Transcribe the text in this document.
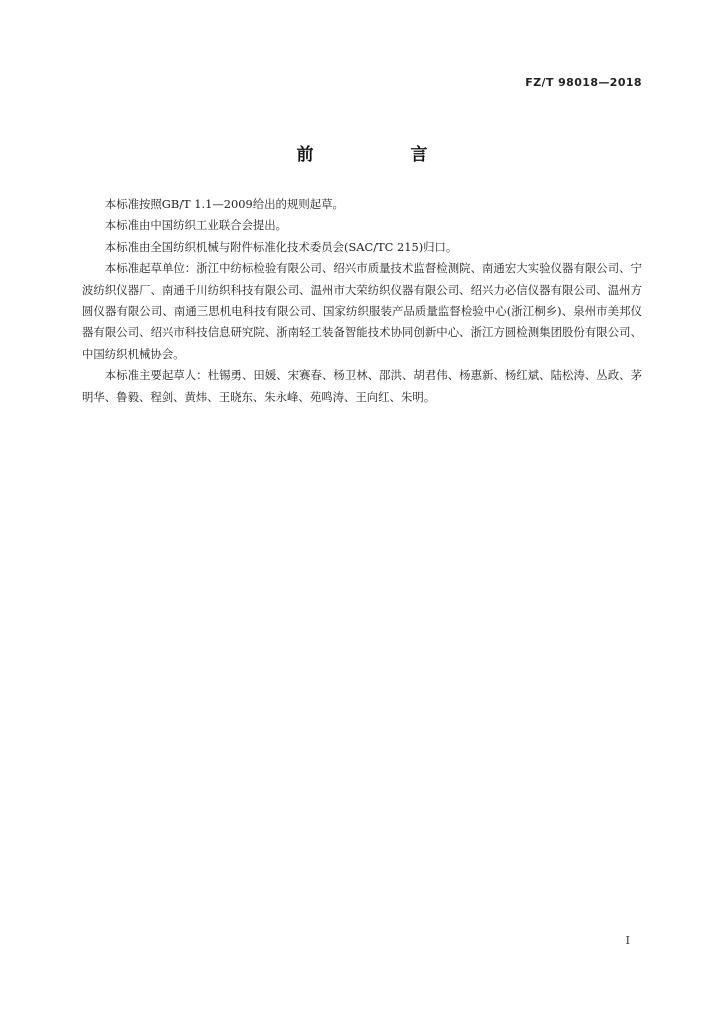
FZ/T 98018—2018
前　言

本标准按照GB/T 1.1—2009给出的规则起草。

本标准由中国纺织工业联合会提出。

本标准由全国纺织机械与附件标准化技术委员会(SAC/TC 215)归口。

本标准起草单位：浙江中纺标检验有限公司、绍兴市质量技术监督检测院、南通宏大实验仪器有限公司、宁波纺织仪器厂、南通千川纺织科技有限公司、温州市大荣纺织仪器有限公司、绍兴力必信仪器有限公司、温州方圆仪器有限公司、南通三思机电科技有限公司、国家纺织服装产品质量监督检验中心(浙江桐乡)、泉州市美邦仪器有限公司、绍兴市科技信息研究院、浙南轻工装备智能技术协同创新中心、浙江方圆检测集团股份有限公司、中国纺织机械协会。

本标准主要起草人：杜锡勇、田媛、宋赛春、杨卫林、邵洪、胡君伟、杨惠新、杨红斌、陆松涛、丛政、茅明华、鲁毅、程剑、黄炜、王晓东、朱永峰、苑鸣涛、王向红、朱明。

I
